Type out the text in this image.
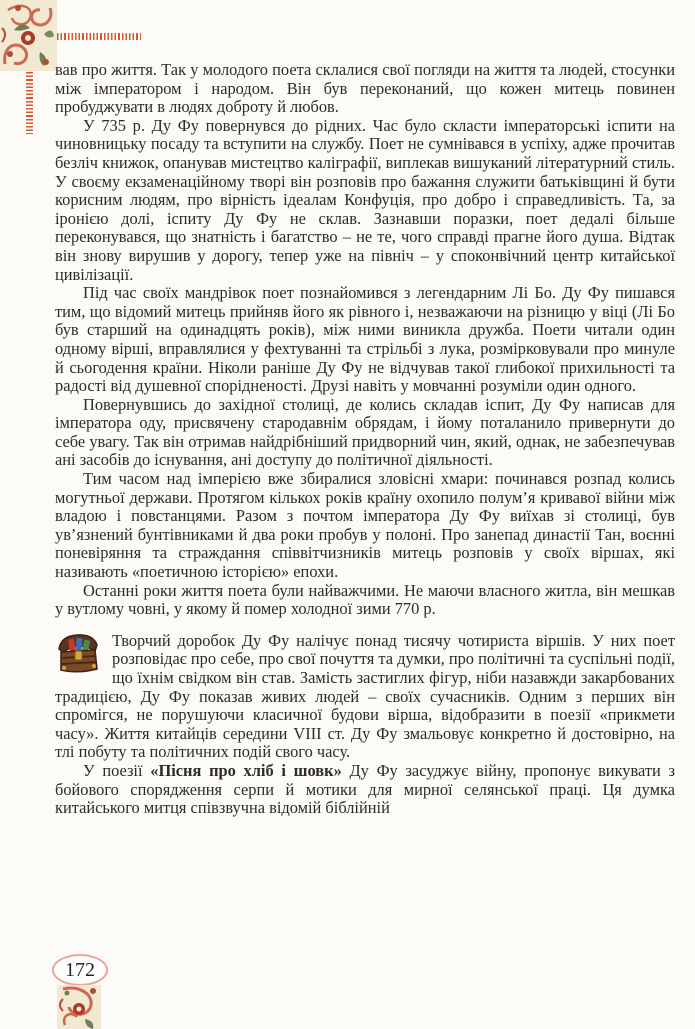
вав про життя. Так у молодого поета склалися свої погляди на життя та людей, стосунки між імператором і народом. Він був переконаний, що кожен митець повинен пробуджувати в людях доброту й любов.

У 735 р. Ду Фу повернувся до рідних. Час було скласти імператорські іспити на чиновницьку посаду та вступити на службу. Поет не сумнівався в успіху, адже прочитав безліч книжок, опанував мистецтво каліграфії, виплекав вишуканий літературний стиль. У своєму екзаменаційному творі він розповів про бажання служити батьківщині й бути корисним людям, про вірність ідеалам Конфуція, про добро і справедливість. Та, за іронією долі, іспиту Ду Фу не склав. Зазнавши поразки, поет дедалі більше переконувався, що знатність і багатство – не те, чого справді прагне його душа. Відтак він знову вирушив у дорогу, тепер уже на північ – у споконвічний центр китайської цивілізації.

Під час своїх мандрівок поет познайомився з легендарним Лі Бо. Ду Фу пишався тим, що відомий митець прийняв його як рівного і, незважаючи на різницю у віці (Лі Бо був старший на одинадцять років), між ними виникла дружба. Поети читали один одному вірші, вправлялися у фехтуванні та стрільбі з лука, розмірковували про минуле й сьогодення країни. Ніколи раніше Ду Фу не відчував такої глибокої прихильності та радості від душевної спорідненості. Друзі навіть у мовчанні розуміли один одного.

Повернувшись до західної столиці, де колись складав іспит, Ду Фу написав для імператора оду, присвячену стародавнім обрядам, і йому поталанило привернути до себе увагу. Так він отримав найдрібніший придворний чин, який, однак, не забезпечував ані засобів до існування, ані доступу до політичної діяльності.

Тим часом над імперією вже збиралися зловісні хмари: починався розпад колись могутньої держави. Протягом кількох років країну охопило полум’я кривавої війни між владою і повстанцями. Разом з почтом імператора Ду Фу виїхав зі столиці, був ув’язнений бунтівниками й два роки пробув у полоні. Про занепад династії Тан, воєнні поневіряння та страждання співвітчизників митець розповів у своїх віршах, які називають «поетичною історією» епохи.

Останні роки життя поета були найважчими. Не маючи власного житла, він мешкав у вутлому човні, у якому й помер холодної зими 770 р.

Творчий доробок Ду Фу налічує понад тисячу чотириста віршів. У них поет розповідає про себе, про свої почуття та думки, про політичні та суспільні події, що їхнім свідком він став. Замість застиглих фігур, ніби назавжди закарбованих традицією, Ду Фу показав живих людей – своїх сучасників. Одним з перших він спромігся, не порушуючи класичної будови вірша, відобразити в поезії «прикмети часу». Життя китайців середини VIII ст. Ду Фу змальовує конкретно й достовірно, на тлі побуту та політичних подій свого часу.

У поезії «Пісня про хліб і шовк» Ду Фу засуджує війну, пропонує викувати з бойового спорядження серпи й мотики для мирної селянської праці. Ця думка китайського митця співзвучна відомій біблійній

172
